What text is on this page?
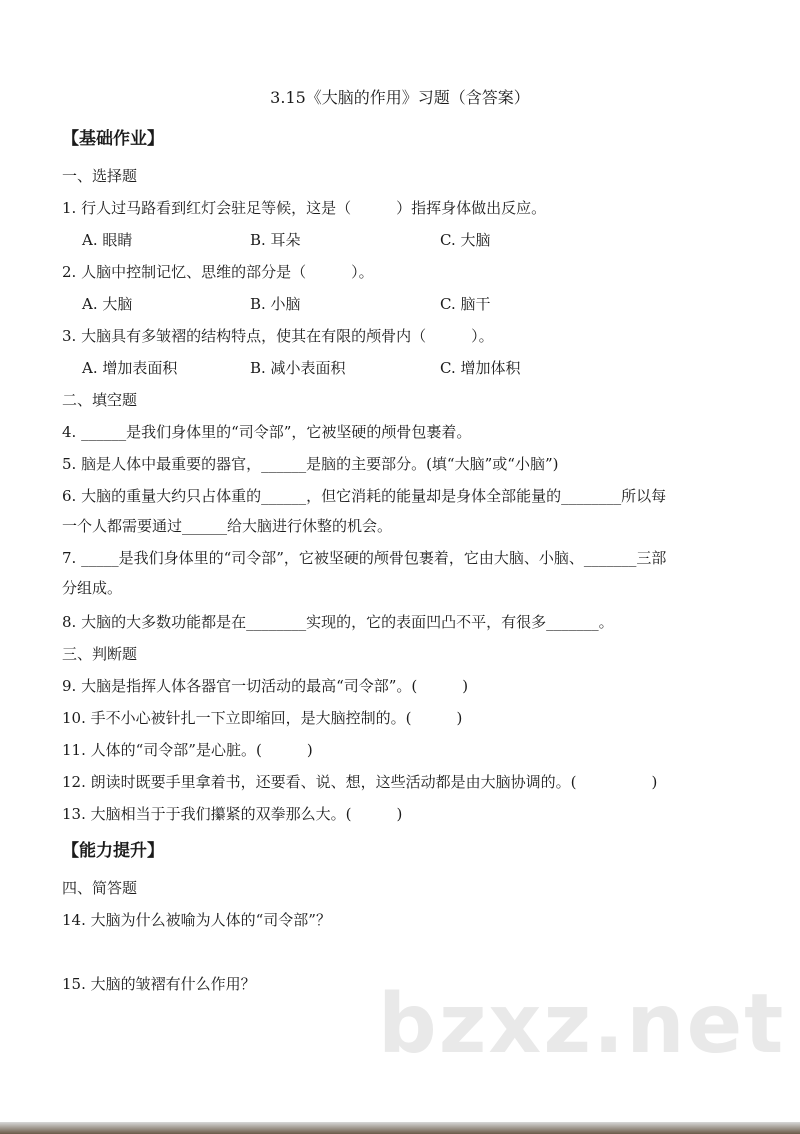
3.15《大脑的作用》习题（含答案）
【基础作业】
一、选择题
1. 行人过马路看到红灯会驻足等候，这是（　　　）指挥身体做出反应。
A. 眼睛	B. 耳朵	C. 大脑
2. 人脑中控制记忆、思维的部分是（　　　）。
A. 大脑	B. 小脑	C. 脑干
3. 大脑具有多皱褶的结构特点，使其在有限的颅骨内（　　　）。
A. 增加表面积	B. 减小表面积	C. 增加体积
二、填空题
4. ______是我们身体里的“司令部”，它被坚硬的颅骨包裹着。
5. 脑是人体中最重要的器官，______是脑的主要部分。(填“大脑”或“小脑”)
6. 大脑的重量大约只占体重的______，但它消耗的能量却是身体全部能量的________所以每
一个人都需要通过______给大脑进行休整的机会。
7. _____是我们身体里的“司令部”，它被坚硬的颅骨包裹着，它由大脑、小脑、_______三部
分组成。
8. 大脑的大多数功能都是在________实现的，它的表面凹凸不平，有很多_______。
三、判断题
9. 大脑是指挥人体各器官一切活动的最高“司令部”。(　　　)
10. 手不小心被针扎一下立即缩回，是大脑控制的。(　　　)
11. 人体的“司令部”是心脏。(　　　)
12. 朗读时既要手里拿着书，还要看、说、想，这些活动都是由大脑协调的。(　　　　　)
13. 大脑相当于于我们攥紧的双拳那么大。(　　　)
【能力提升】
四、简答题
14. 大脑为什么被喻为人体的“司令部”？
15. 大脑的皱褶有什么作用？ bzxz.net
